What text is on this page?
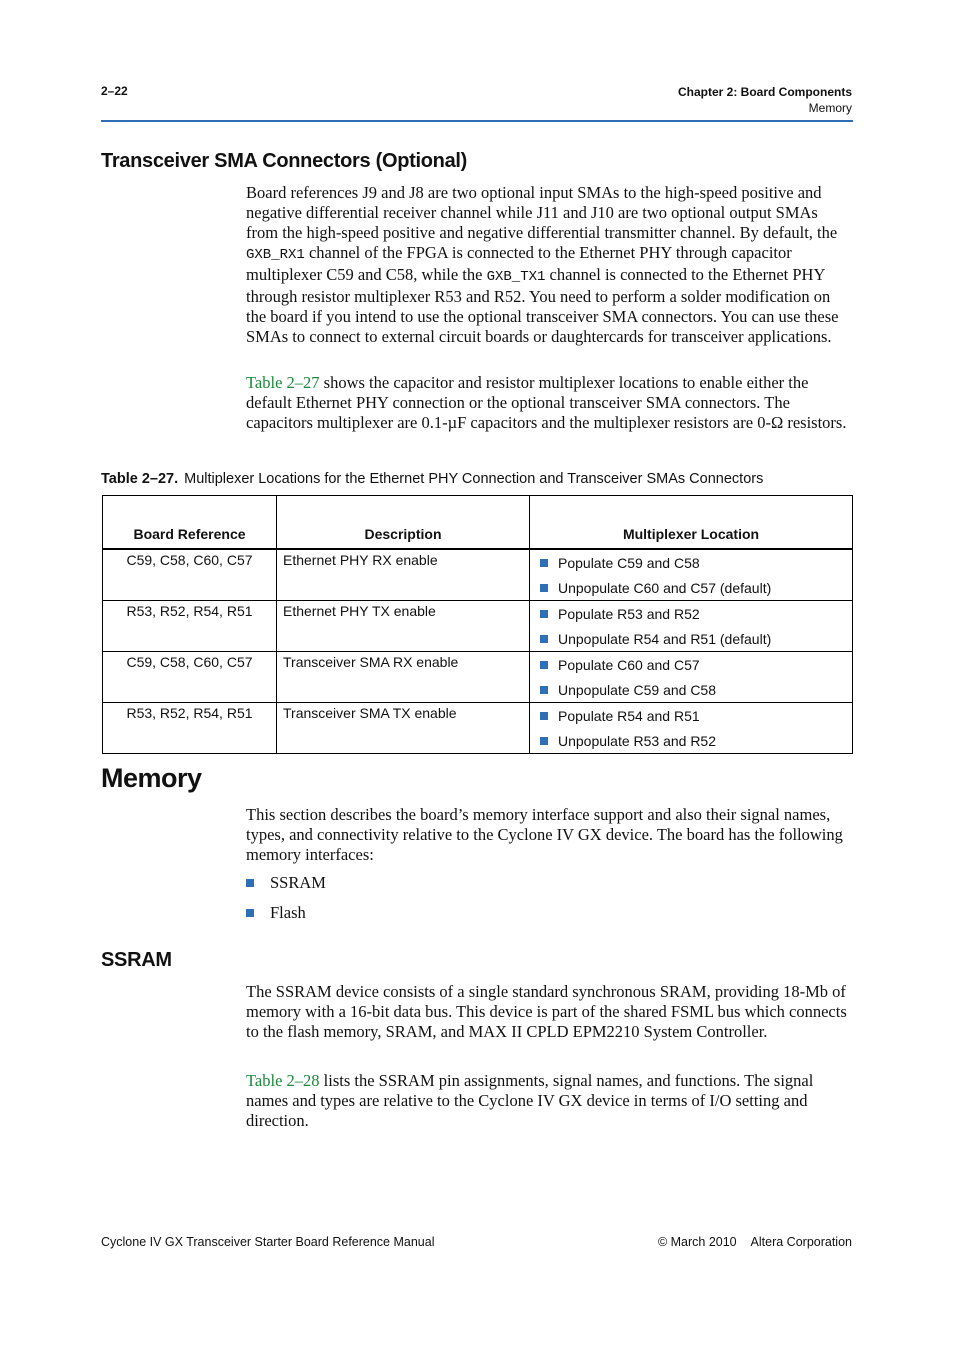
2–22	Chapter 2: Board Components
Memory
Transceiver SMA Connectors (Optional)

Board references J9 and J8 are two optional input SMAs to the high-speed positive and negative differential receiver channel while J11 and J10 are two optional output SMAs from the high-speed positive and negative differential transmitter channel. By default, the GXB_RX1 channel of the FPGA is connected to the Ethernet PHY through capacitor multiplexer C59 and C58, while the GXB_TX1 channel is connected to the Ethernet PHY through resistor multiplexer R53 and R52. You need to perform a solder modification on the board if you intend to use the optional transceiver SMA connectors. You can use these SMAs to connect to external circuit boards or daughtercards for transceiver applications.

Table 2–27 shows the capacitor and resistor multiplexer locations to enable either the default Ethernet PHY connection or the optional transceiver SMA connectors. The capacitors multiplexer are 0.1-µF capacitors and the multiplexer resistors are 0-Ω resistors.

Table 2–27. Multiplexer Locations for the Ethernet PHY Connection and Transceiver SMAs Connectors
Board Reference	Description	Multiplexer Location
C59, C58, C60, C57	Ethernet PHY RX enable	Populate C59 and C58
Unpopulate C60 and C57 (default)

R53, R52, R54, R51	Ethernet PHY TX enable	Populate R53 and R52
Unpopulate R54 and R51 (default)

C59, C58, C60, C57	Transceiver SMA RX enable	Populate C60 and C57
Unpopulate C59 and C58

R53, R52, R54, R51	Transceiver SMA TX enable	Populate R54 and R51
Unpopulate R53 and R52
Memory

This section describes the board’s memory interface support and also their signal names, types, and connectivity relative to the Cyclone IV GX device. The board has the following memory interfaces:

SSRAM
Flash
SSRAM

The SSRAM device consists of a single standard synchronous SRAM, providing 18-Mb of memory with a 16-bit data bus. This device is part of the shared FSML bus which connects to the flash memory, SRAM, and MAX II CPLD EPM2210 System Controller.

Table 2–28 lists the SSRAM pin assignments, signal names, and functions. The signal names and types are relative to the Cyclone IV GX device in terms of I/O setting and direction.

Cyclone IV GX Transceiver Starter Board Reference Manual	© March 2010 Altera Corporation
